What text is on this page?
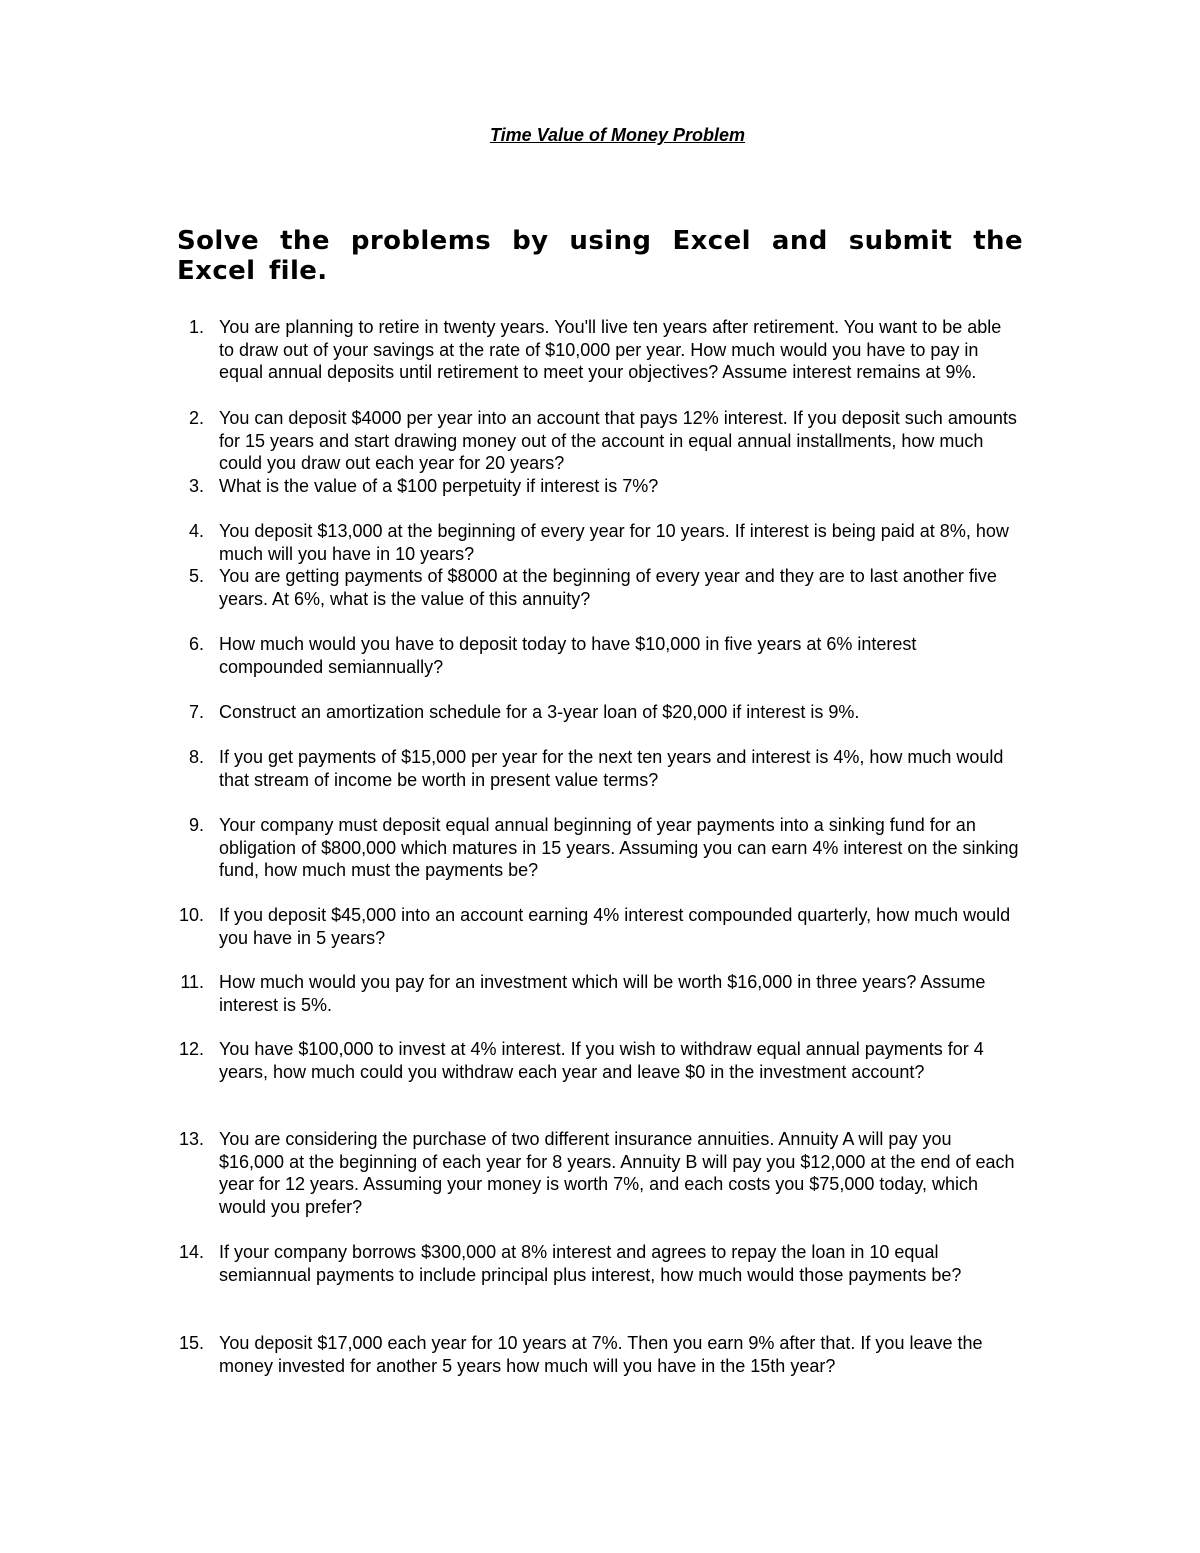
Time Value of Money Problem

Solve the problems by using Excel and submit the Excel file.

1. You are planning to retire in twenty years. You'll live ten years after retirement. You want to be able to draw out of your savings at the rate of $10,000 per year. How much would you have to pay in equal annual deposits until retirement to meet your objectives? Assume interest remains at 9%.
2. You can deposit $4000 per year into an account that pays 12% interest. If you deposit such amounts for 15 years and start drawing money out of the account in equal annual installments, how much could you draw out each year for 20 years?
3. What is the value of a $100 perpetuity if interest is 7%?
4. You deposit $13,000 at the beginning of every year for 10 years. If interest is being paid at 8%, how much will you have in 10 years?
5. You are getting payments of $8000 at the beginning of every year and they are to last another five years. At 6%, what is the value of this annuity?
6. How much would you have to deposit today to have $10,000 in five years at 6% interest compounded semiannually?
7. Construct an amortization schedule for a 3-year loan of $20,000 if interest is 9%.
8. If you get payments of $15,000 per year for the next ten years and interest is 4%, how much would that stream of income be worth in present value terms?
9. Your company must deposit equal annual beginning of year payments into a sinking fund for an obligation of $800,000 which matures in 15 years. Assuming you can earn 4% interest on the sinking fund, how much must the payments be?
10. If you deposit $45,000 into an account earning 4% interest compounded quarterly, how much would you have in 5 years?
11. How much would you pay for an investment which will be worth $16,000 in three years? Assume interest is 5%.
12. You have $100,000 to invest at 4% interest. If you wish to withdraw equal annual payments for 4 years, how much could you withdraw each year and leave $0 in the investment account?
13. You are considering the purchase of two different insurance annuities. Annuity A will pay you $16,000 at the beginning of each year for 8 years. Annuity B will pay you $12,000 at the end of each year for 12 years. Assuming your money is worth 7%, and each costs you $75,000 today, which would you prefer?
14. If your company borrows $300,000 at 8% interest and agrees to repay the loan in 10 equal semiannual payments to include principal plus interest, how much would those payments be?
15. You deposit $17,000 each year for 10 years at 7%. Then you earn 9% after that. If you leave the money invested for another 5 years how much will you have in the 15th year?
